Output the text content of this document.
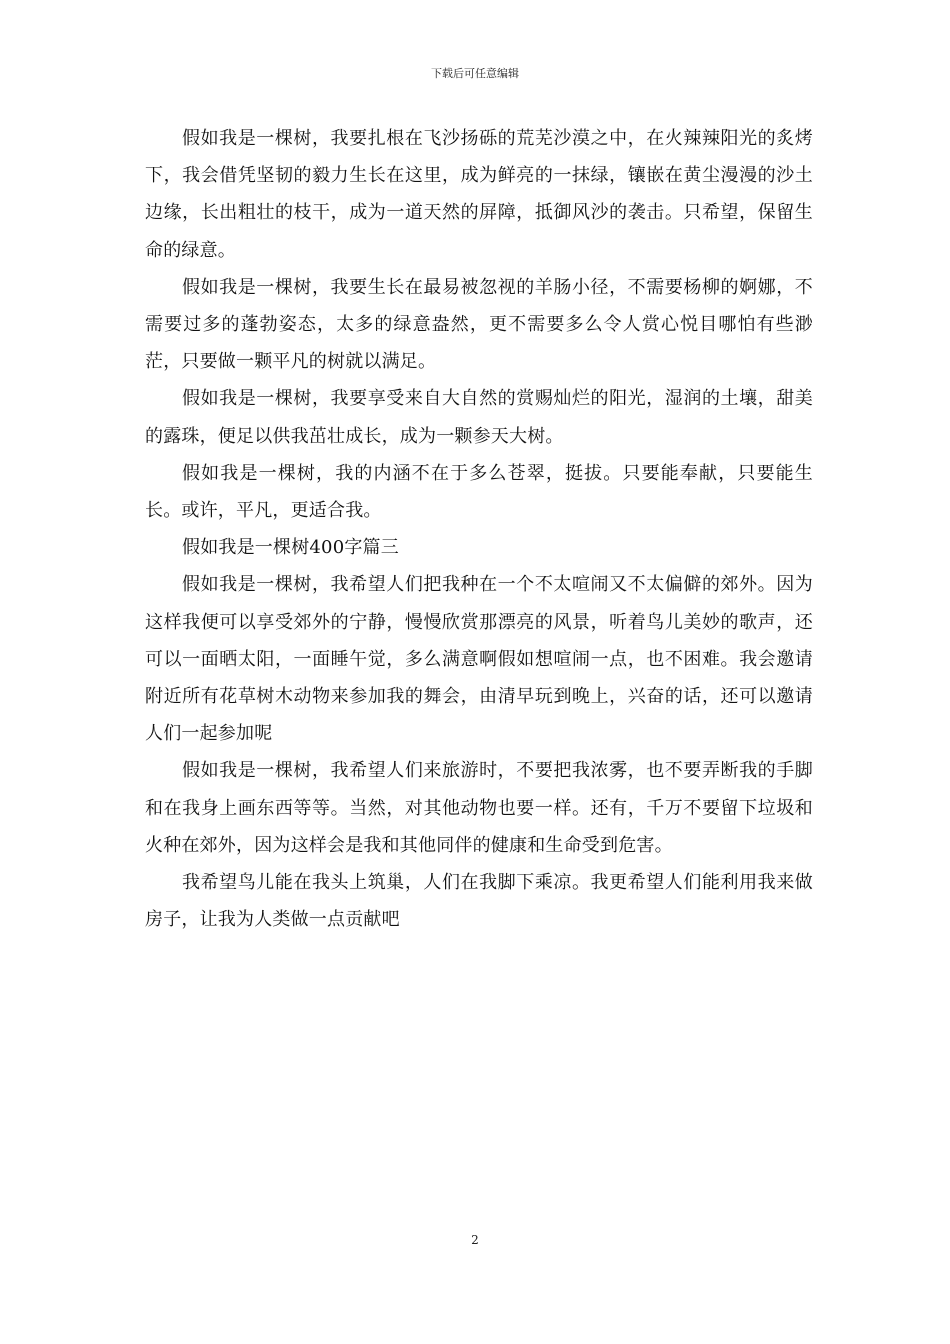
下载后可任意编辑

假如我是一棵树，我要扎根在飞沙扬砾的荒芜沙漠之中，在火辣辣阳光的炙烤下，我会借凭坚韧的毅力生长在这里，成为鲜亮的一抹绿，镶嵌在黄尘漫漫的沙土边缘，长出粗壮的枝干，成为一道天然的屏障，抵御风沙的袭击。只希望，保留生命的绿意。

假如我是一棵树，我要生长在最易被忽视的羊肠小径，不需要杨柳的婀娜，不需要过多的蓬勃姿态，太多的绿意盎然，更不需要多么令人赏心悦目哪怕有些渺茫，只要做一颗平凡的树就以满足。

假如我是一棵树，我要享受来自大自然的赏赐灿烂的阳光，湿润的土壤，甜美的露珠，便足以供我茁壮成长，成为一颗参天大树。

假如我是一棵树，我的内涵不在于多么苍翠，挺拔。只要能奉献，只要能生长。或许，平凡，更适合我。

假如我是一棵树400字篇三

假如我是一棵树，我希望人们把我种在一个不太喧闹又不太偏僻的郊外。因为这样我便可以享受郊外的宁静，慢慢欣赏那漂亮的风景，听着鸟儿美妙的歌声，还可以一面晒太阳，一面睡午觉，多么满意啊假如想喧闹一点，也不困难。我会邀请附近所有花草树木动物来参加我的舞会，由清早玩到晚上，兴奋的话，还可以邀请人们一起参加呢

假如我是一棵树，我希望人们来旅游时，不要把我浓雾，也不要弄断我的手脚和在我身上画东西等等。当然，对其他动物也要一样。还有，千万不要留下垃圾和火种在郊外，因为这样会是我和其他同伴的健康和生命受到危害。

我希望鸟儿能在我头上筑巢，人们在我脚下乘凉。我更希望人们能利用我来做房子，让我为人类做一点贡献吧

2
